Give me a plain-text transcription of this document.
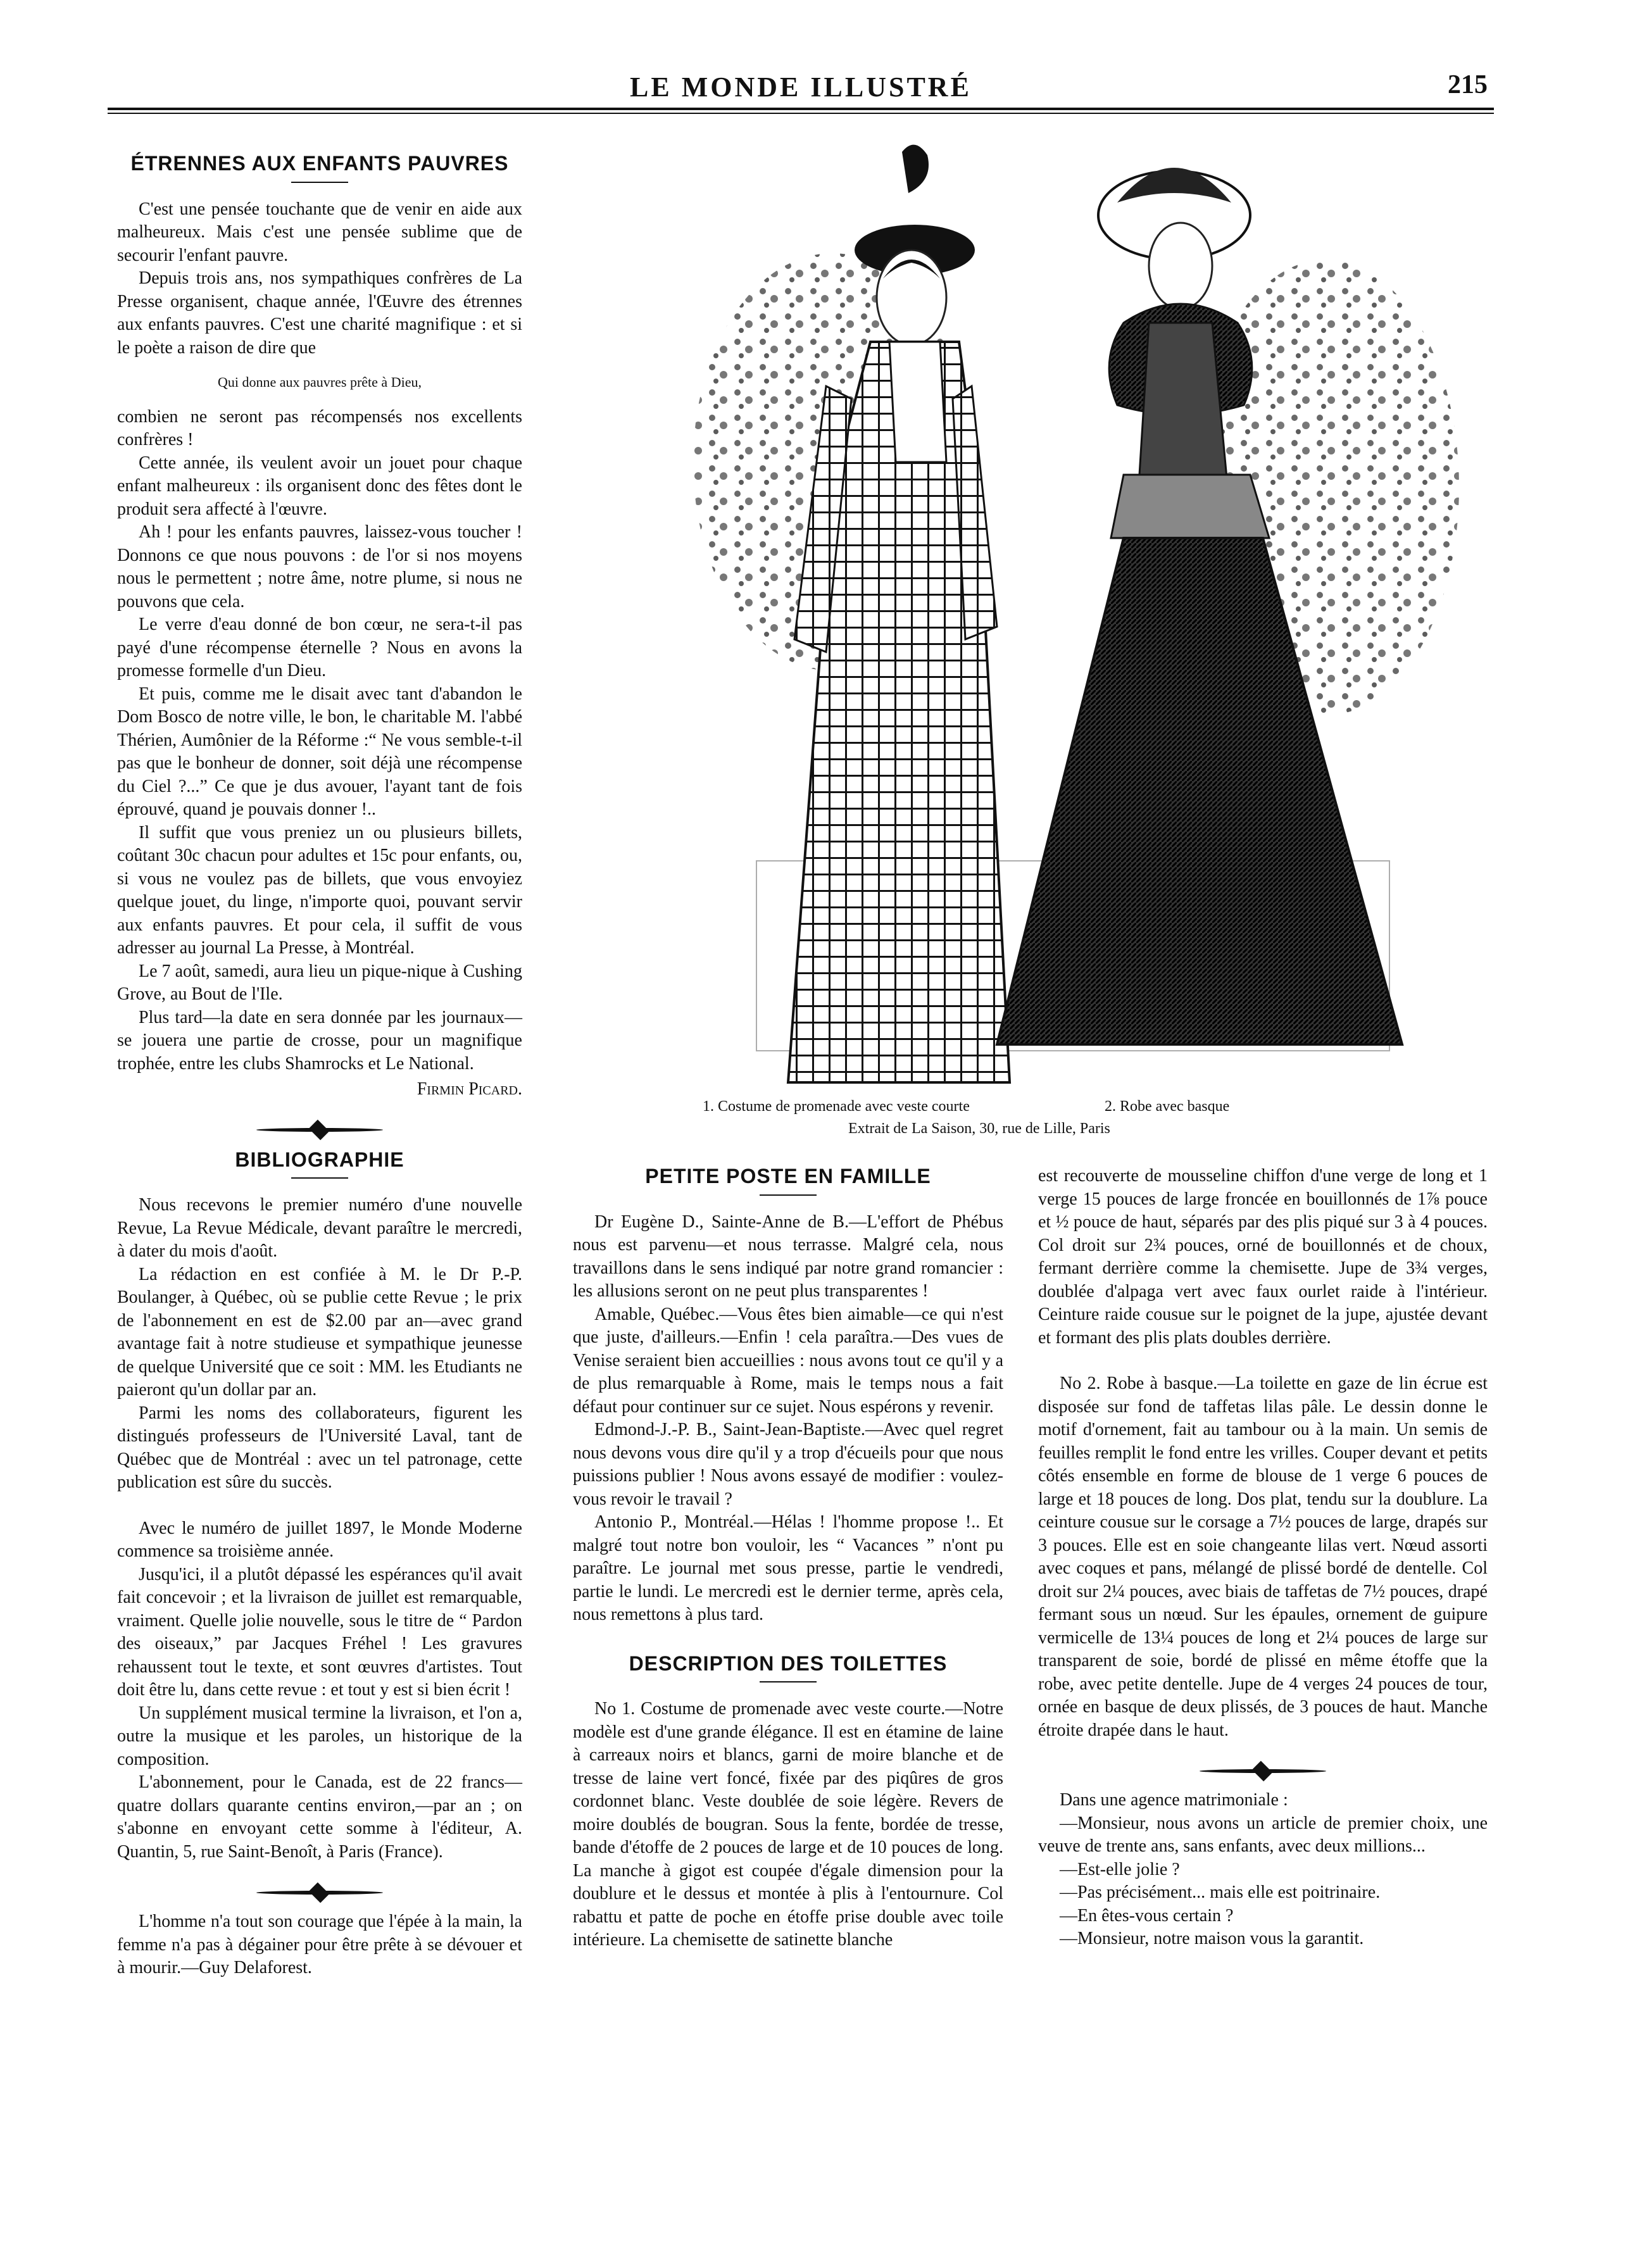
LE MONDE ILLUSTRÉ	215
ÉTRENNES AUX ENFANTS PAUVRES

C'est une pensée touchante que de venir en aide aux malheureux. Mais c'est une pensée sublime que de secourir l'enfant pauvre.

Depuis trois ans, nos sympathiques confrères de La Presse organisent, chaque année, l'Œuvre des étrennes aux enfants pauvres. C'est une charité magnifique : et si le poète a raison de dire que

Qui donne aux pauvres prête à Dieu,

combien ne seront pas récompensés nos excellents confrères !

Cette année, ils veulent avoir un jouet pour chaque enfant malheureux : ils organisent donc des fêtes dont le produit sera affecté à l'œuvre.

Ah ! pour les enfants pauvres, laissez-vous toucher ! Donnons ce que nous pouvons : de l'or si nos moyens nous le permettent ; notre âme, notre plume, si nous ne pouvons que cela.

Le verre d'eau donné de bon cœur, ne sera-t-il pas payé d'une récompense éternelle ? Nous en avons la promesse formelle d'un Dieu.

Et puis, comme me le disait avec tant d'abandon le Dom Bosco de notre ville, le bon, le charitable M. l'abbé Thérien, Aumônier de la Réforme :“ Ne vous semble-t-il pas que le bonheur de donner, soit déjà une récompense du Ciel ?...” Ce que je dus avouer, l'ayant tant de fois éprouvé, quand je pouvais donner !..

Il suffit que vous preniez un ou plusieurs billets, coûtant 30c chacun pour adultes et 15c pour enfants, ou, si vous ne voulez pas de billets, que vous envoyiez quelque jouet, du linge, n'importe quoi, pouvant servir aux enfants pauvres. Et pour cela, il suffit de vous adresser au journal La Presse, à Montréal.

Le 7 août, samedi, aura lieu un pique-nique à Cushing Grove, au Bout de l'Ile.

Plus tard—la date en sera donnée par les journaux—se jouera une partie de crosse, pour un magnifique trophée, entre les clubs Shamrocks et Le National.

Firmin Picard.
BIBLIOGRAPHIE

Nous recevons le premier numéro d'une nouvelle Revue, La Revue Médicale, devant paraître le mercredi, à dater du mois d'août.

La rédaction en est confiée à M. le Dr P.-P. Boulanger, à Québec, où se publie cette Revue ; le prix de l'abonnement en est de $2.00 par an—avec grand avantage fait à notre studieuse et sympathique jeunesse de quelque Université que ce soit : MM. les Etudiants ne paieront qu'un dollar par an.

Parmi les noms des collaborateurs, figurent les distingués professeurs de l'Université Laval, tant de Québec que de Montréal : avec un tel patronage, cette publication est sûre du succès.

Avec le numéro de juillet 1897, le Monde Moderne commence sa troisième année.

Jusqu'ici, il a plutôt dépassé les espérances qu'il avait fait concevoir ; et la livraison de juillet est remarquable, vraiment. Quelle jolie nouvelle, sous le titre de “ Pardon des oiseaux,” par Jacques Fréhel ! Les gravures rehaussent tout le texte, et sont œuvres d'artistes. Tout doit être lu, dans cette revue : et tout y est si bien écrit !

Un supplément musical termine la livraison, et l'on a, outre la musique et les paroles, un historique de la composition.

L'abonnement, pour le Canada, est de 22 francs—quatre dollars quarante centins environ,—par an ; on s'abonne en envoyant cette somme à l'éditeur, A. Quantin, 5, rue Saint-Benoît, à Paris (France).

L'homme n'a tout son courage que l'épée à la main, la femme n'a pas à dégainer pour être prête à se dévouer et à mourir.—Guy Delaforest.

1. Costume de promenade avec veste courte	2. Robe avec basque
Extrait de La Saison, 30, rue de Lille, Paris
PETITE POSTE EN FAMILLE

Dr Eugène D., Sainte-Anne de B.—L'effort de Phébus nous est parvenu—et nous terrasse. Malgré cela, nous travaillons dans le sens indiqué par notre grand romancier : les allusions seront on ne peut plus transparentes !

Amable, Québec.—Vous êtes bien aimable—ce qui n'est que juste, d'ailleurs.—Enfin ! cela paraîtra.—Des vues de Venise seraient bien accueillies : nous avons tout ce qu'il y a de plus remarquable à Rome, mais le temps nous a fait défaut pour continuer sur ce sujet. Nous espérons y revenir.

Edmond-J.-P. B., Saint-Jean-Baptiste.—Avec quel regret nous devons vous dire qu'il y a trop d'écueils pour que nous puissions publier ! Nous avons essayé de modifier : voulez-vous revoir le travail ?

Antonio P., Montréal.—Hélas ! l'homme propose !.. Et malgré tout notre bon vouloir, les “ Vacances ” n'ont pu paraître. Le journal met sous presse, partie le vendredi, partie le lundi. Le mercredi est le dernier terme, après cela, nous remettons à plus tard.

DESCRIPTION DES TOILETTES

No 1. Costume de promenade avec veste courte.—Notre modèle est d'une grande élégance. Il est en étamine de laine à carreaux noirs et blancs, garni de moire blanche et de tresse de laine vert foncé, fixée par des piqûres de gros cordonnet blanc. Veste doublée de soie légère. Revers de moire doublés de bougran. Sous la fente, bordée de tresse, bande d'étoffe de 2 pouces de large et de 10 pouces de long. La manche à gigot est coupée d'égale dimension pour la doublure et le dessus et montée à plis à l'entournure. Col rabattu et patte de poche en étoffe prise double avec toile intérieure. La chemisette de satinette blanche

est recouverte de mousseline chiffon d'une verge de long et 1 verge 15 pouces de large froncée en bouillonnés de 1⅞ pouce et ½ pouce de haut, séparés par des plis piqué sur 3 à 4 pouces. Col droit sur 2¾ pouces, orné de bouillonnés et de choux, fermant derrière comme la chemisette. Jupe de 3¾ verges, doublée d'alpaga vert avec faux ourlet raide à l'intérieur. Ceinture raide cousue sur le poignet de la jupe, ajustée devant et formant des plis plats doubles derrière.

No 2. Robe à basque.—La toilette en gaze de lin écrue est disposée sur fond de taffetas lilas pâle. Le dessin donne le motif d'ornement, fait au tambour ou à la main. Un semis de feuilles remplit le fond entre les vrilles. Couper devant et petits côtés ensemble en forme de blouse de 1 verge 6 pouces de large et 18 pouces de long. Dos plat, tendu sur la doublure. La ceinture cousue sur le corsage a 7½ pouces de large, drapés sur 3 pouces. Elle est en soie changeante lilas vert. Nœud assorti avec coques et pans, mélangé de plissé bordé de dentelle. Col droit sur 2¼ pouces, avec biais de taffetas de 7½ pouces, drapé fermant sous un nœud. Sur les épaules, ornement de guipure vermicelle de 13¼ pouces de long et 2¼ pouces de large sur transparent de soie, bordé de plissé en même étoffe que la robe, avec petite dentelle. Jupe de 4 verges 24 pouces de tour, ornée en basque de deux plissés, de 3 pouces de haut. Manche étroite drapée dans le haut.

Dans une agence matrimoniale :

—Monsieur, nous avons un article de premier choix, une veuve de trente ans, sans enfants, avec deux millions...

—Est-elle jolie ?

—Pas précisément... mais elle est poitrinaire.

—En êtes-vous certain ?

—Monsieur, notre maison vous la garantit.
